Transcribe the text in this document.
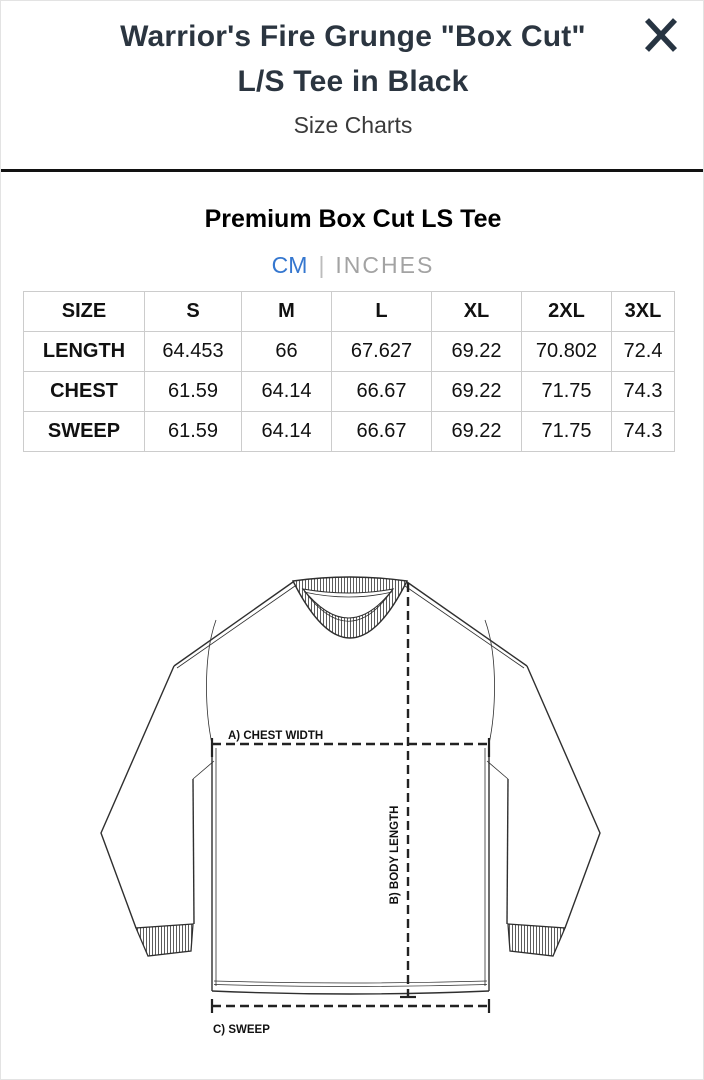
Warrior's Fire Grunge "Box Cut"
L/S Tee in Black
Size Charts
Premium Box Cut LS Tee
CM | INCHES
SIZE	S	M	L	XL	2XL	3XL
LENGTH	64.453	66	67.627	69.22	70.802	72.4
CHEST	61.59	64.14	66.67	69.22	71.75	74.3
SWEEP	61.59	64.14	66.67	69.22	71.75	74.3
A) CHEST WIDTH
B) BODY LENGTH
C) SWEEP
